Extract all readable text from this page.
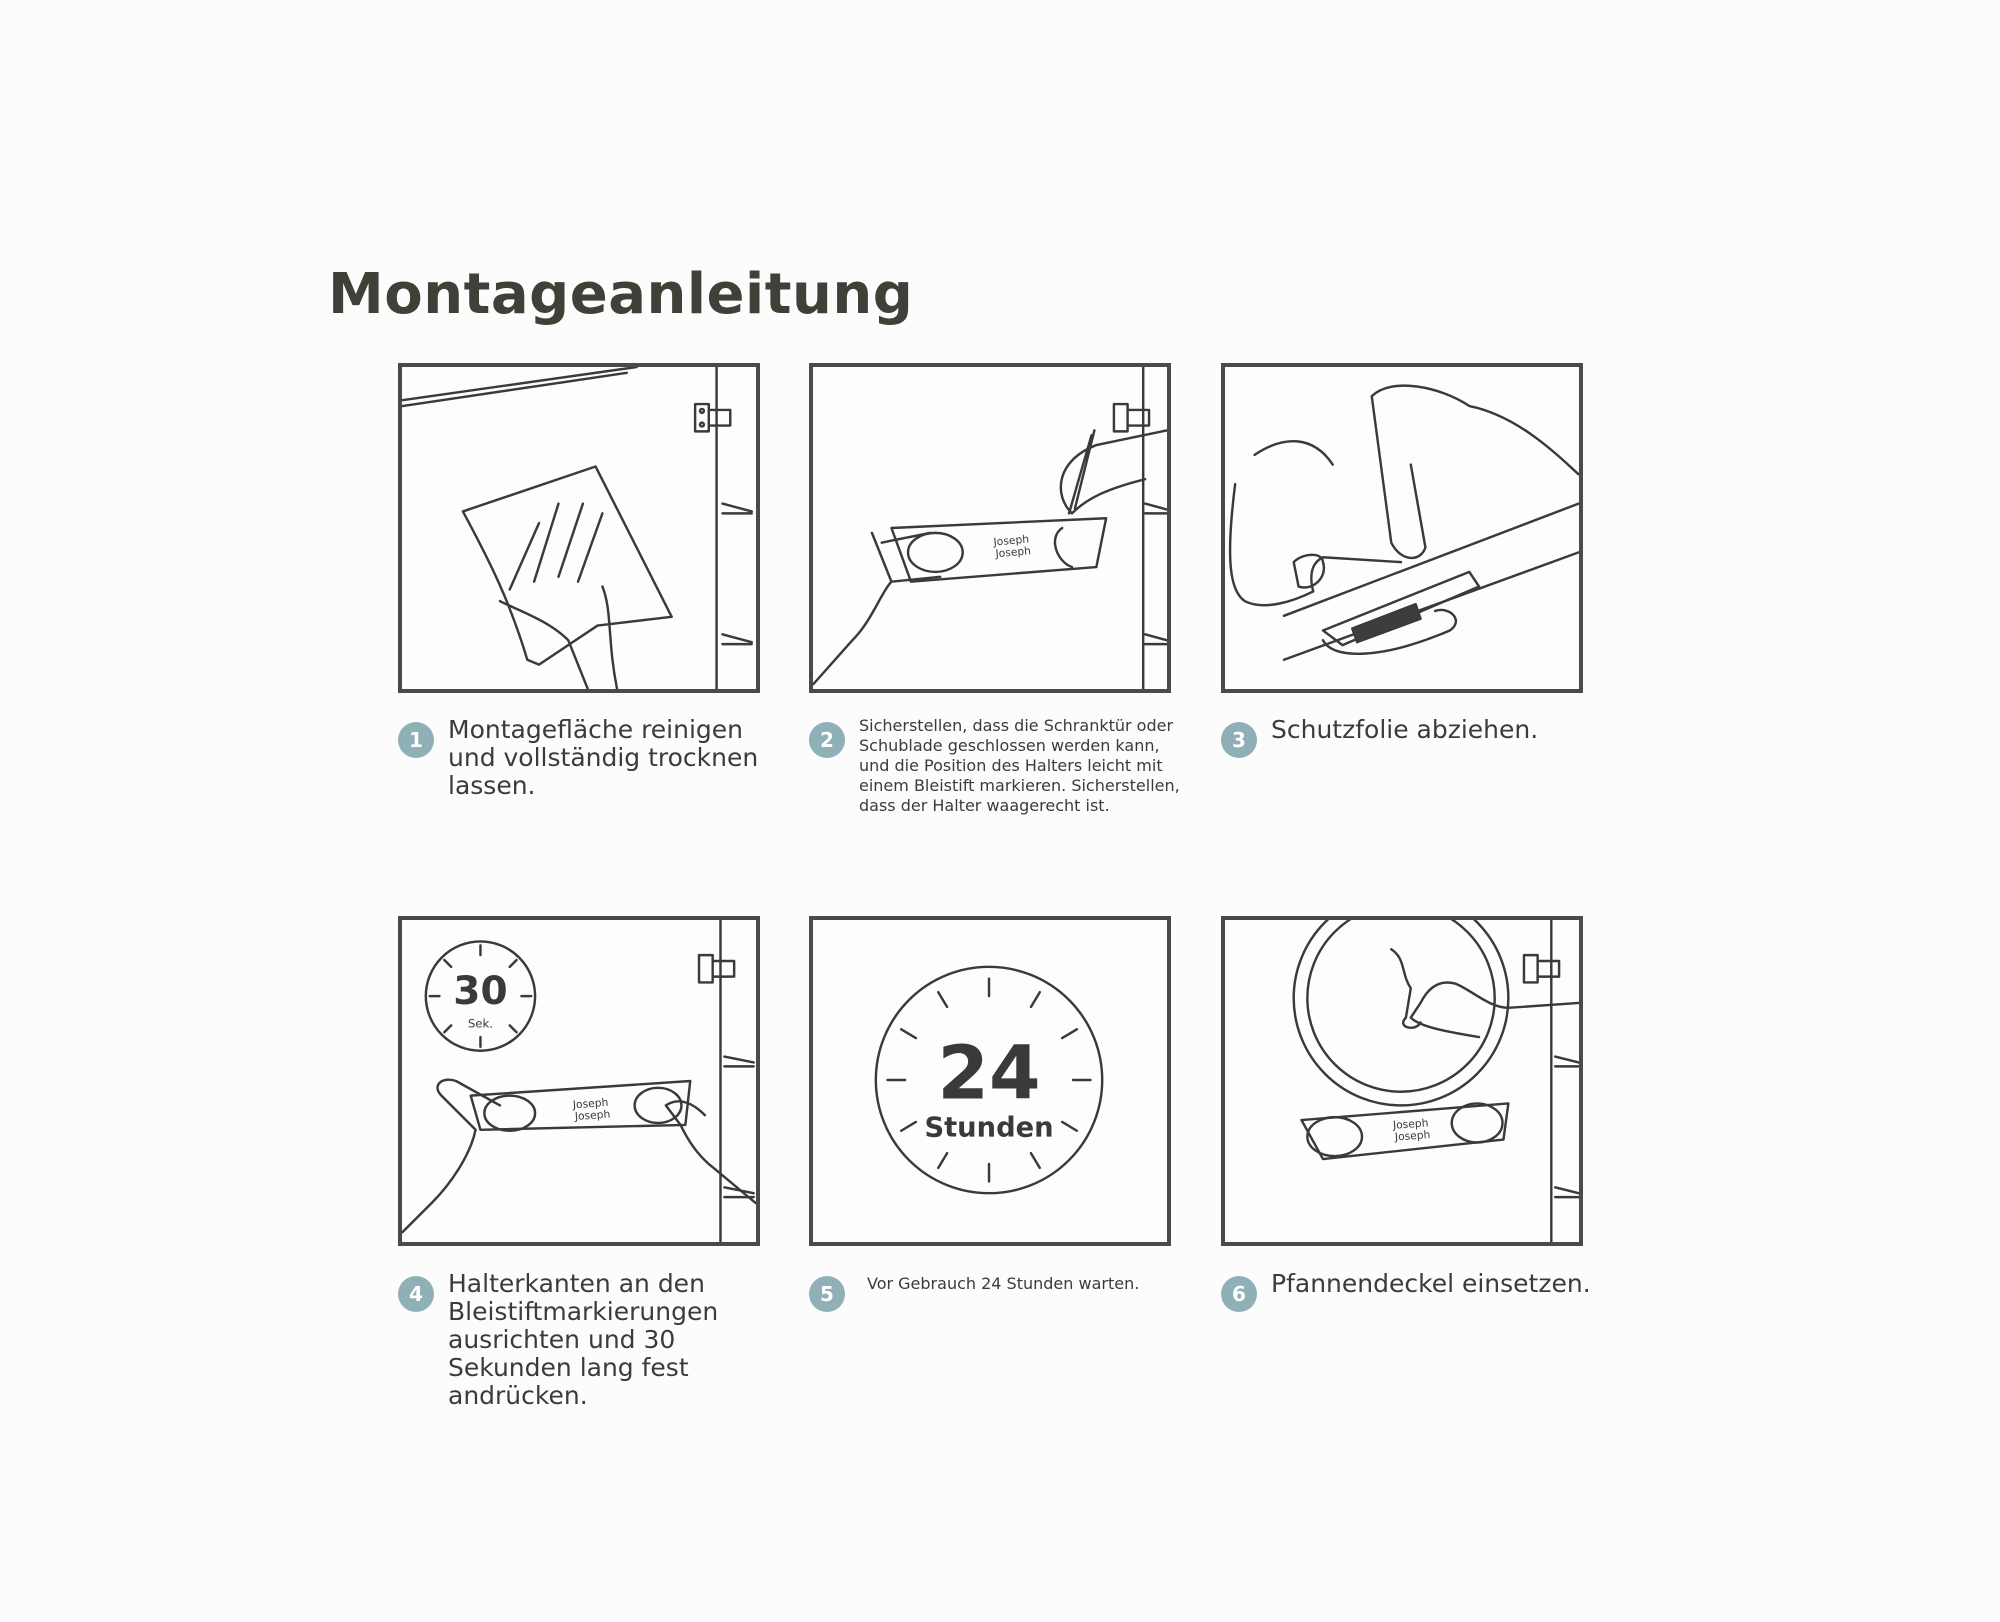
Montageanleitung
Joseph
Joseph
30
Sek.
Joseph
Joseph	24
Stunden	Joseph
Joseph
1	Montagefläche reinigen und vollständig trocknen lassen.
2
Sicherstellen, dass die Schranktür oder Schublade geschlossen werden kann, und die Position des Halters leicht mit einem Bleistift markieren. Sicherstellen, dass der Halter waagerecht ist.
3	Schutzfolie abziehen.
4	Halterkanten an den Bleistiftmarkierungen ausrichten und 30 Sekunden lang fest andrücken.
5	Vor Gebrauch 24 Stunden warten.	6	Pfannendeckel einsetzen.
